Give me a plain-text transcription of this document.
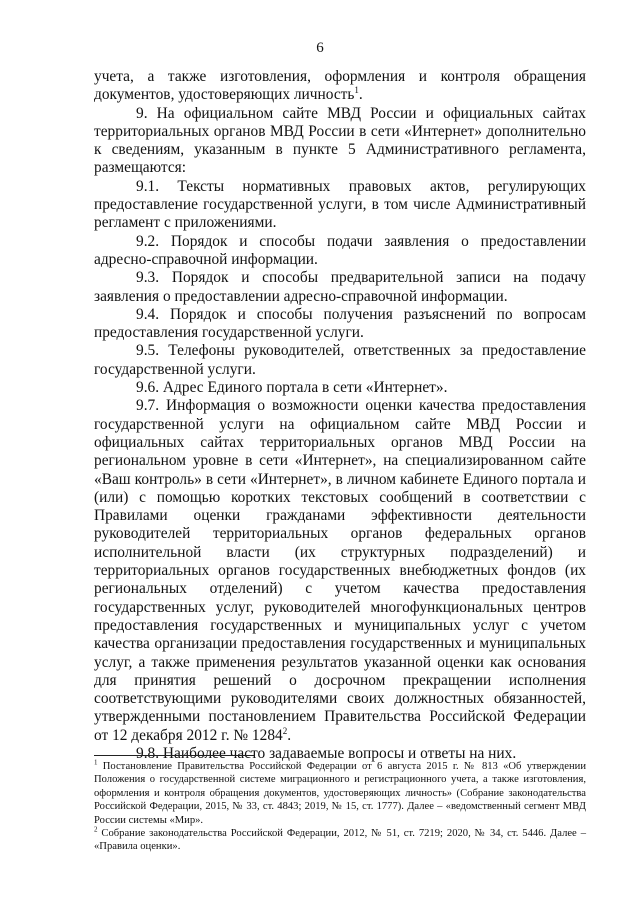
6

учета, а также изготовления, оформления и контроля обращения документов, удостоверяющих личность$^1$.

9. На официальном сайте МВД России и официальных сайтах территориальных органов МВД России в сети «Интернет» дополнительно к сведениям, указанным в пункте 5 Административного регламента, размещаются:

9.1. Тексты нормативных правовых актов, регулирующих предоставление государственной услуги, в том числе Административный регламент с приложениями.

9.2. Порядок и способы подачи заявления о предоставлении адресно-справочной информации.

9.3. Порядок и способы предварительной записи на подачу заявления о предоставлении адресно-справочной информации.

9.4. Порядок и способы получения разъяснений по вопросам предоставления государственной услуги.

9.5. Телефоны руководителей, ответственных за предоставление государственной услуги.

9.6. Адрес Единого портала в сети «Интернет».

9.7. Информация о возможности оценки качества предоставления государственной услуги на официальном сайте МВД России и официальных сайтах территориальных органов МВД России на региональном уровне в сети «Интернет», на специализированном сайте «Ваш контроль» в сети «Интернет», в личном кабинете Единого портала и (или) с помощью коротких текстовых сообщений в соответствии с Правилами оценки гражданами эффективности деятельности руководителей территориальных органов федеральных органов исполнительной власти (их структурных подразделений) и территориальных органов государственных внебюджетных фондов (их региональных отделений) с учетом качества предоставления государственных услуг, руководителей многофункциональных центров предоставления государственных и муниципальных услуг с учетом качества организации предоставления государственных и муниципальных услуг, а также применения результатов указанной оценки как основания для принятия решений о досрочном прекращении исполнения соответствующими руководителями своих должностных обязанностей, утвержденными постановлением Правительства Российской Федерации от 12 декабря 2012 г. № 1284$^2$.

9.8. Наиболее часто задаваемые вопросы и ответы на них.

$^1$ Постановление Правительства Российской Федерации от 6 августа 2015 г. № 813 «Об утверждении Положения о государственной системе миграционного и регистрационного учета, а также изготовления, оформления и контроля обращения документов, удостоверяющих личность» (Собрание законодательства Российской Федерации, 2015, № 33, ст. 4843; 2019, № 15, ст. 1777). Далее – «ведомственный сегмент МВД России системы «Мир».

$^2$ Собрание законодательства Российской Федерации, 2012, № 51, ст. 7219; 2020, № 34, ст. 5446. Далее – «Правила оценки».
